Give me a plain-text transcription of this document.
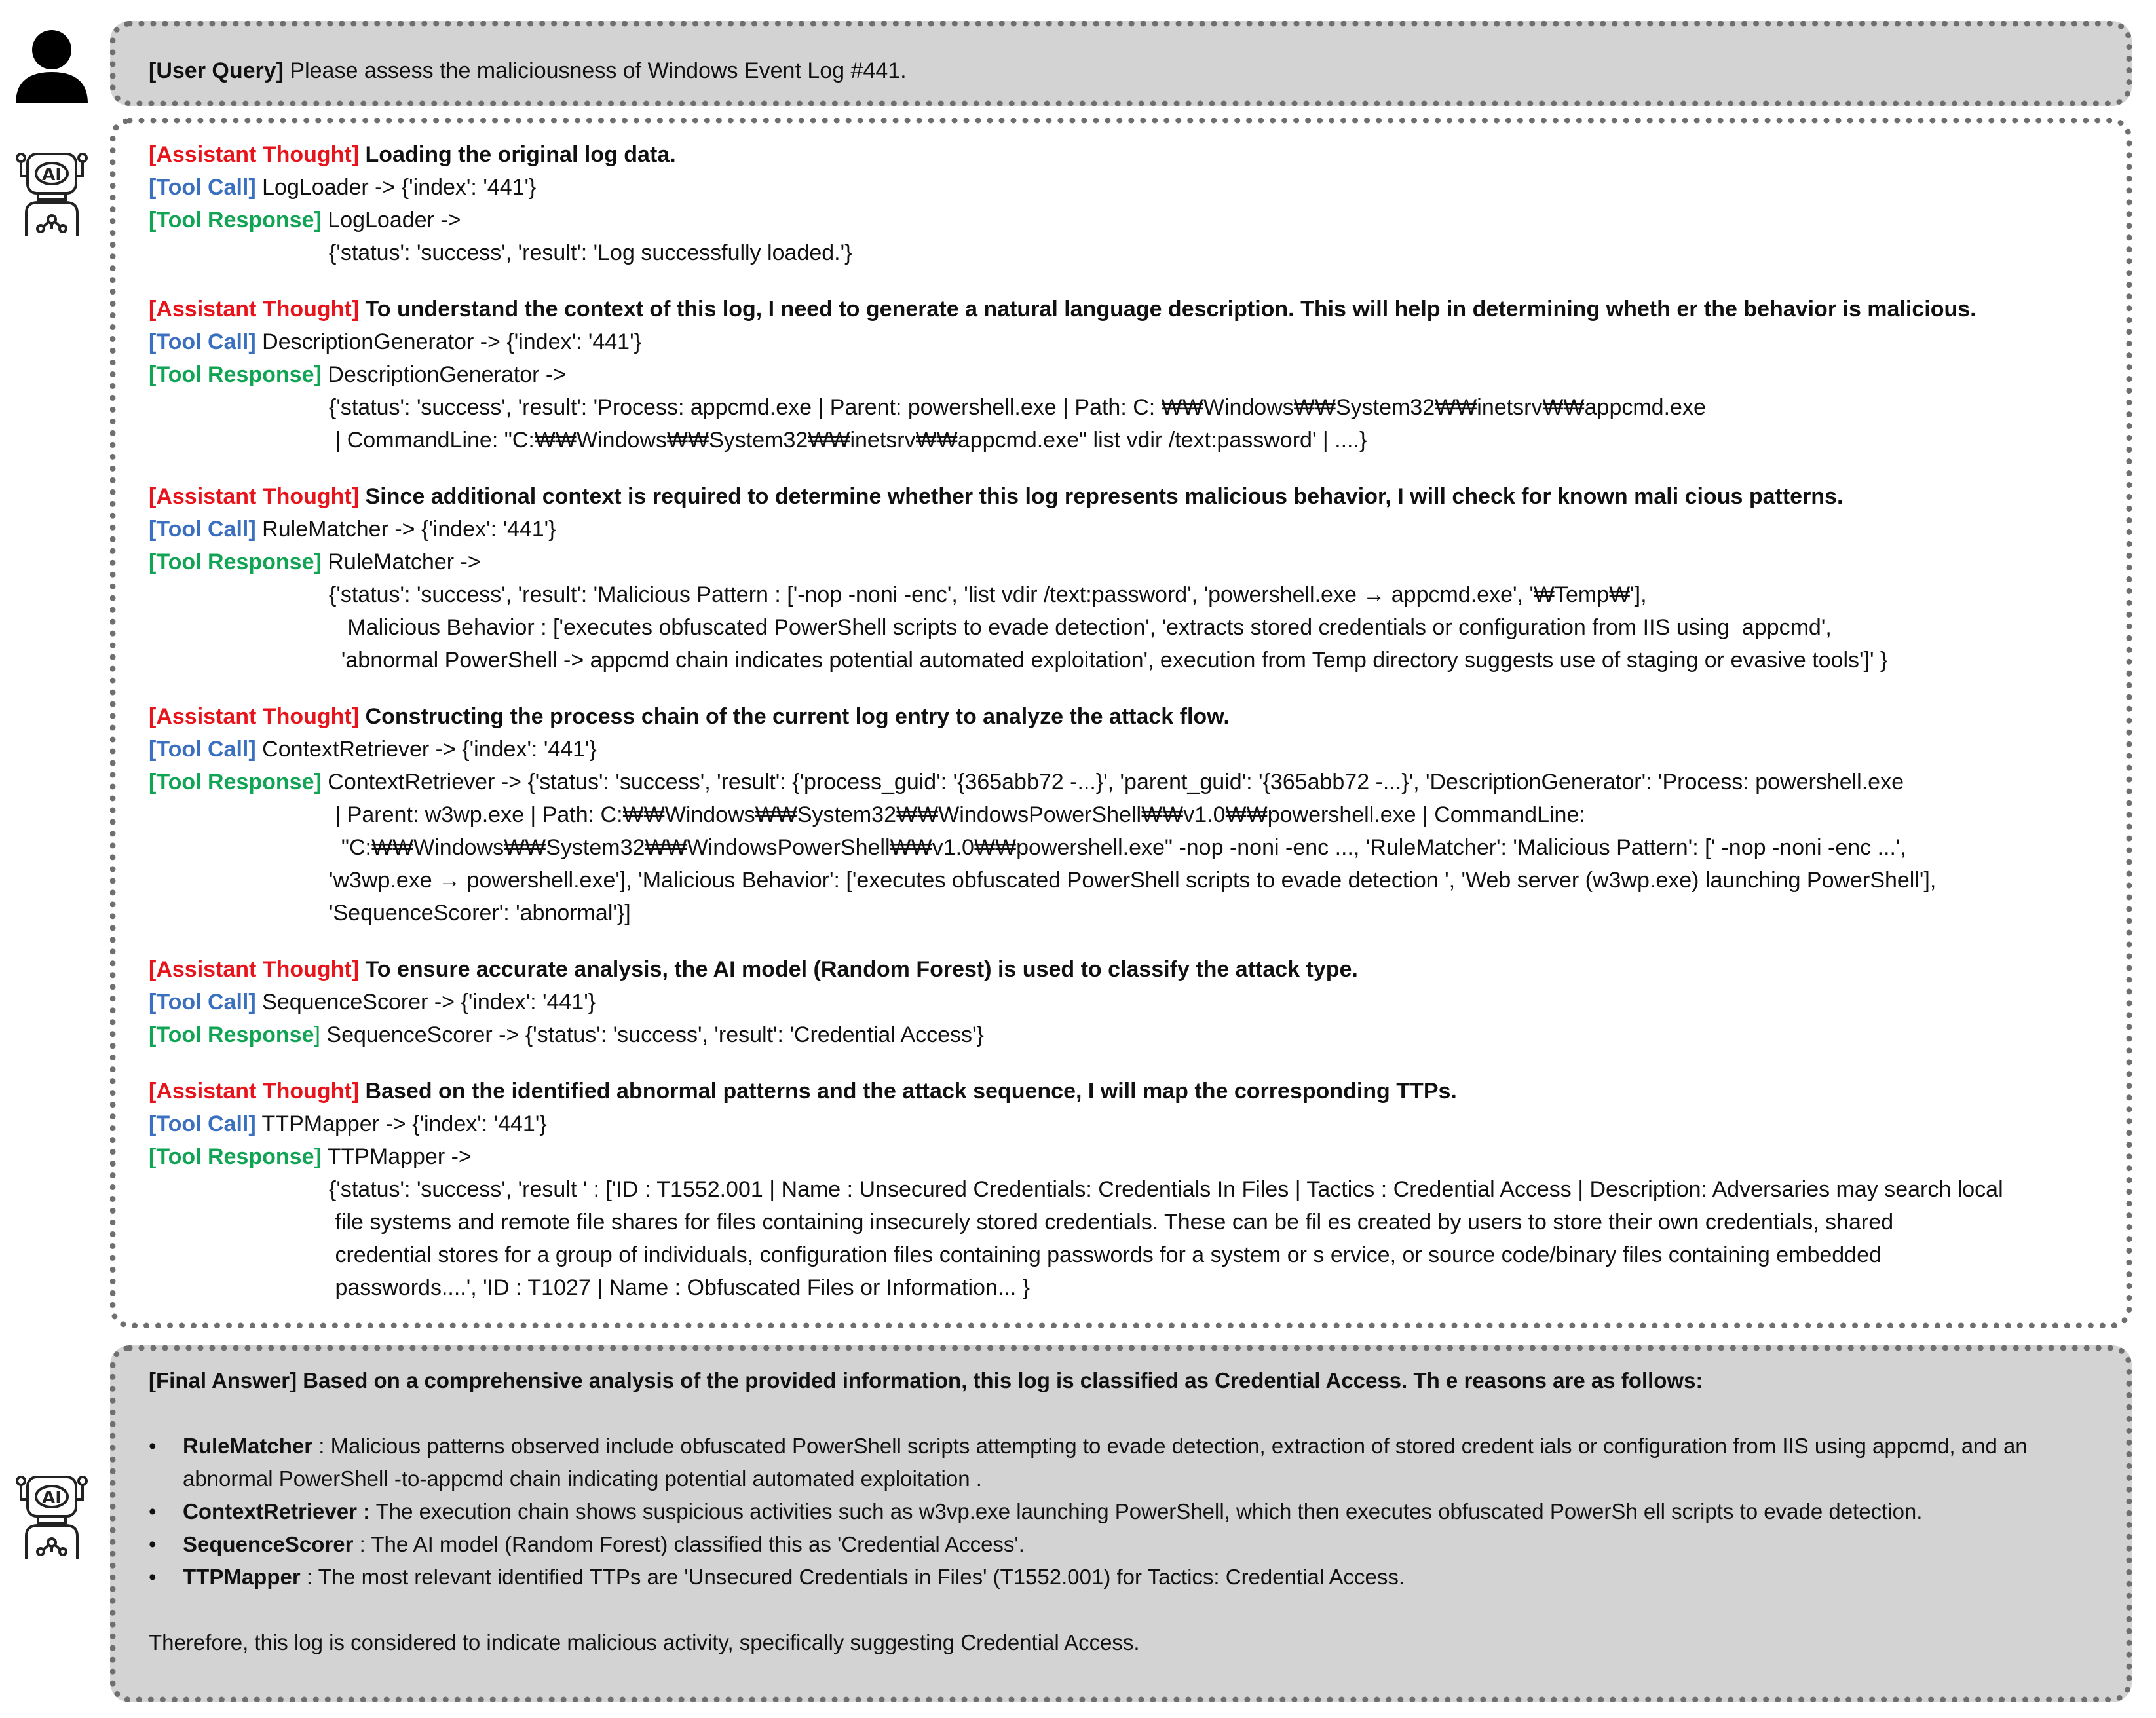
AI
AI
[User Query] Please assess the maliciousness of Windows Event Log #441.
[Assistant Thought] Loading the original log data.
[Tool Call] LogLoader -> {'index': '441'}
[Tool Response] LogLoader ->
{'status': 'success', 'result': 'Log successfully loaded.'}
[Assistant Thought] To understand the context of this log, I need to generate a natural language description. This will help in determining wheth er the behavior is malicious.
[Tool Call] DescriptionGenerator -> {'index': '441'}
[Tool Response] DescriptionGenerator ->
{'status': 'success', 'result': 'Process: appcmd.exe | Parent: powershell.exe | Path: C: ₩₩Windows₩₩System32₩₩inetsrv₩₩appcmd.exe
| CommandLine: "C:₩₩Windows₩₩System32₩₩inetsrv₩₩appcmd.exe" list vdir /text:password' | ....}
[Assistant Thought] Since additional context is required to determine whether this log represents malicious behavior, I will check for known mali cious patterns.
[Tool Call] RuleMatcher -> {'index': '441'}
[Tool Response] RuleMatcher ->
{'status': 'success', 'result': 'Malicious Pattern : ['-nop -noni -enc', 'list vdir /text:password', 'powershell.exe → appcmd.exe', '₩Temp₩'],
Malicious Behavior : ['executes obfuscated PowerShell scripts to evade detection', 'extracts stored credentials or configuration from IIS using  appcmd',
'abnormal PowerShell -> appcmd chain indicates potential automated exploitation', execution from Temp directory suggests use of staging or evasive tools']' }
[Assistant Thought] Constructing the process chain of the current log entry to analyze the attack flow.
[Tool Call] ContextRetriever -> {'index': '441'}
[Tool Response] ContextRetriever -> {'status': 'success', 'result': {'process_guid': '{365abb72 -...}', 'parent_guid': '{365abb72 -...}', 'DescriptionGenerator': 'Process: powershell.exe
| Parent: w3wp.exe | Path: C:₩₩Windows₩₩System32₩₩WindowsPowerShell₩₩v1.0₩₩powershell.exe | CommandLine:
"C:₩₩Windows₩₩System32₩₩WindowsPowerShell₩₩v1.0₩₩powershell.exe" -nop -noni -enc ..., 'RuleMatcher': 'Malicious Pattern': [' -nop -noni -enc ...',
'w3wp.exe → powershell.exe'], 'Malicious Behavior': ['executes obfuscated PowerShell scripts to evade detection ', 'Web server (w3wp.exe) launching PowerShell'],
'SequenceScorer': 'abnormal'}]
[Assistant Thought] To ensure accurate analysis, the AI model (Random Forest) is used to classify the attack type.
[Tool Call] SequenceScorer -> {'index': '441'}
[Tool Response] SequenceScorer -> {'status': 'success', 'result': 'Credential Access'}
[Assistant Thought] Based on the identified abnormal patterns and the attack sequence, I will map the corresponding TTPs.
[Tool Call] TTPMapper -> {'index': '441'}
[Tool Response] TTPMapper ->
{'status': 'success', 'result ' : ['ID : T1552.001 | Name : Unsecured Credentials: Credentials In Files | Tactics : Credential Access | Description: Adversaries may search local
file systems and remote file shares for files containing insecurely stored credentials. These can be fil es created by users to store their own credentials, shared
credential stores for a group of individuals, configuration files containing passwords for a system or s ervice, or source code/binary files containing embedded
passwords....', 'ID : T1027 | Name : Obfuscated Files or Information... }
[Final Answer] Based on a comprehensive analysis of the provided information, this log is classified as Credential Access. Th e reasons are as follows:
• RuleMatcher : Malicious patterns observed include obfuscated PowerShell scripts attempting to evade detection, extraction of stored credent ials or configuration from IIS using appcmd, and an abnormal PowerShell -to-appcmd chain indicating potential automated exploitation .
• ContextRetriever : The execution chain shows suspicious activities such as w3vp.exe launching PowerShell, which then executes obfuscated PowerSh ell scripts to evade detection.
• SequenceScorer : The AI model (Random Forest) classified this as 'Credential Access'.
• TTPMapper : The most relevant identified TTPs are 'Unsecured Credentials in Files' (T1552.001) for Tactics: Credential Access.
Therefore, this log is considered to indicate malicious activity, specifically suggesting Credential Access.
